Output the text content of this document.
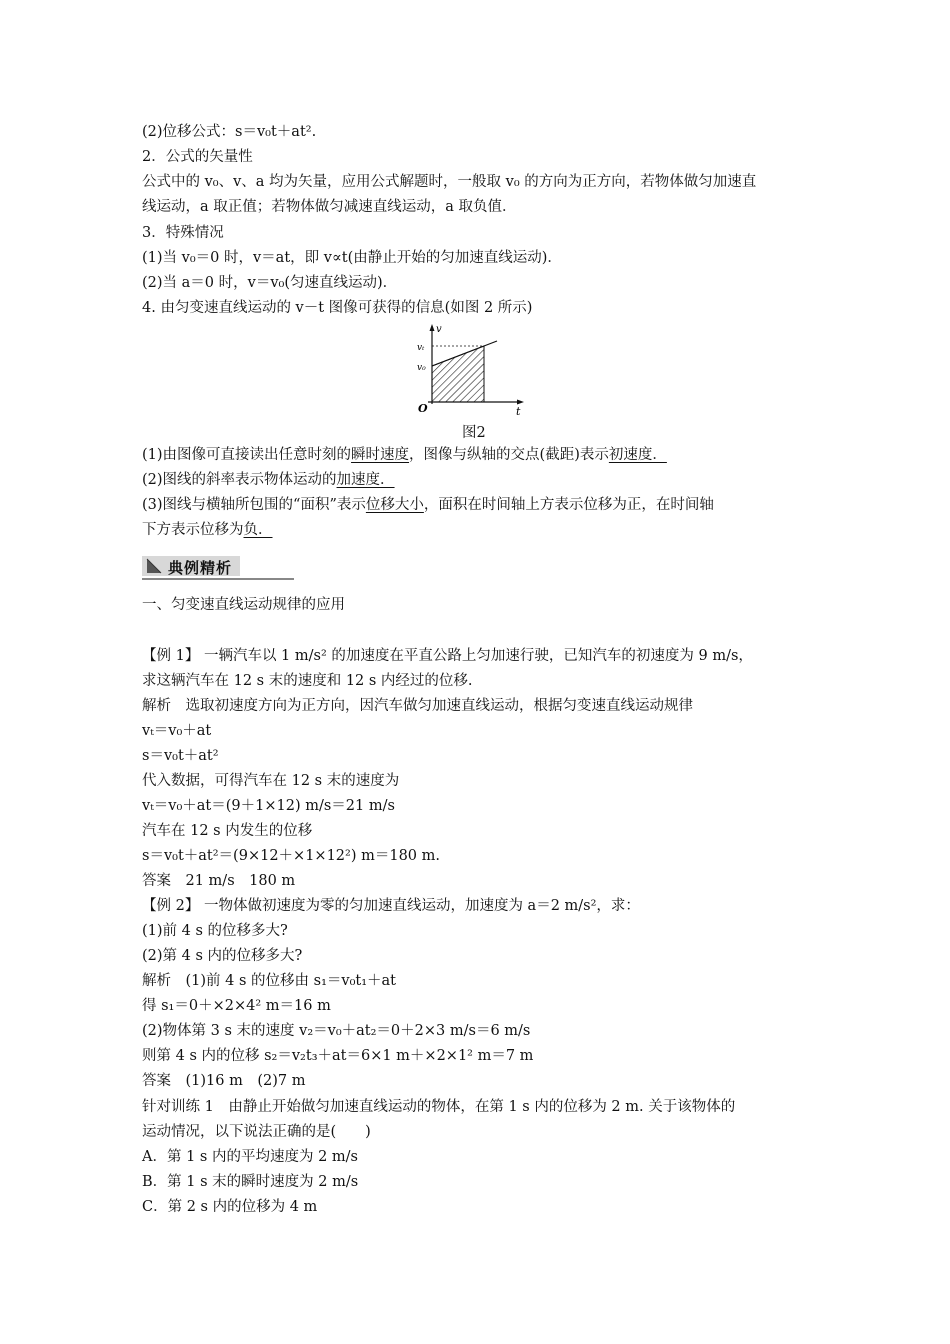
(2)位移公式：s＝v₀t＋at².
2．公式的矢量性
公式中的 v₀、v、a 均为矢量，应用公式解题时，一般取 v₀ 的方向为正方向，若物体做匀加速直
线运动，a 取正值；若物体做匀减速直线运动，a 取负值．
3．特殊情况
(1)当 v₀＝0 时，v＝at，即 v∝t(由静止开始的匀加速直线运动)．
(2)当 a＝0 时，v＝v₀(匀速直线运动)．
4. 由匀变速直线运动的 v－t 图像可获得的信息(如图 2 所示)
v
t
O
vₜ
v₀
图2
(1)由图像可直接读出任意时刻的瞬时速度，图像与纵轴的交点(截距)表示初速度．
(2)图线的斜率表示物体运动的加速度．
(3)图线与横轴所包围的“面积”表示位移大小，面积在时间轴上方表示位移为正，在时间轴
下方表示位移为负．
典例精析
一、匀变速直线运动规律的应用
【例 1】 一辆汽车以 1 m/s² 的加速度在平直公路上匀加速行驶，已知汽车的初速度为 9 m/s，
求这辆汽车在 12 s 末的速度和 12 s 内经过的位移.
解析　选取初速度方向为正方向，因汽车做匀加速直线运动，根据匀变速直线运动规律
vₜ＝v₀＋at
s＝v₀t＋at²
代入数据，可得汽车在 12 s 末的速度为
vₜ＝v₀＋at＝(9＋1×12) m/s＝21 m/s
汽车在 12 s 内发生的位移
s＝v₀t＋at²＝(9×12＋×1×12²) m＝180 m.
答案　21 m/s　180 m
【例 2】 一物体做初速度为零的匀加速直线运动，加速度为 a＝2 m/s²，求：
(1)前 4 s 的位移多大?
(2)第 4 s 内的位移多大?
解析　(1)前 4 s 的位移由 s₁＝v₀t₁＋at
得 s₁＝0＋×2×4² m＝16 m
(2)物体第 3 s 末的速度 v₂＝v₀＋at₂＝0＋2×3 m/s＝6 m/s
则第 4 s 内的位移 s₂＝v₂t₃＋at＝6×1 m＋×2×1² m＝7 m
答案　(1)16 m　(2)7 m
针对训练 1　由静止开始做匀加速直线运动的物体，在第 1 s 内的位移为 2 m. 关于该物体的
运动情况，以下说法正确的是(　　)
A．第 1 s 内的平均速度为 2 m/s
B．第 1 s 末的瞬时速度为 2 m/s
C．第 2 s 内的位移为 4 m
